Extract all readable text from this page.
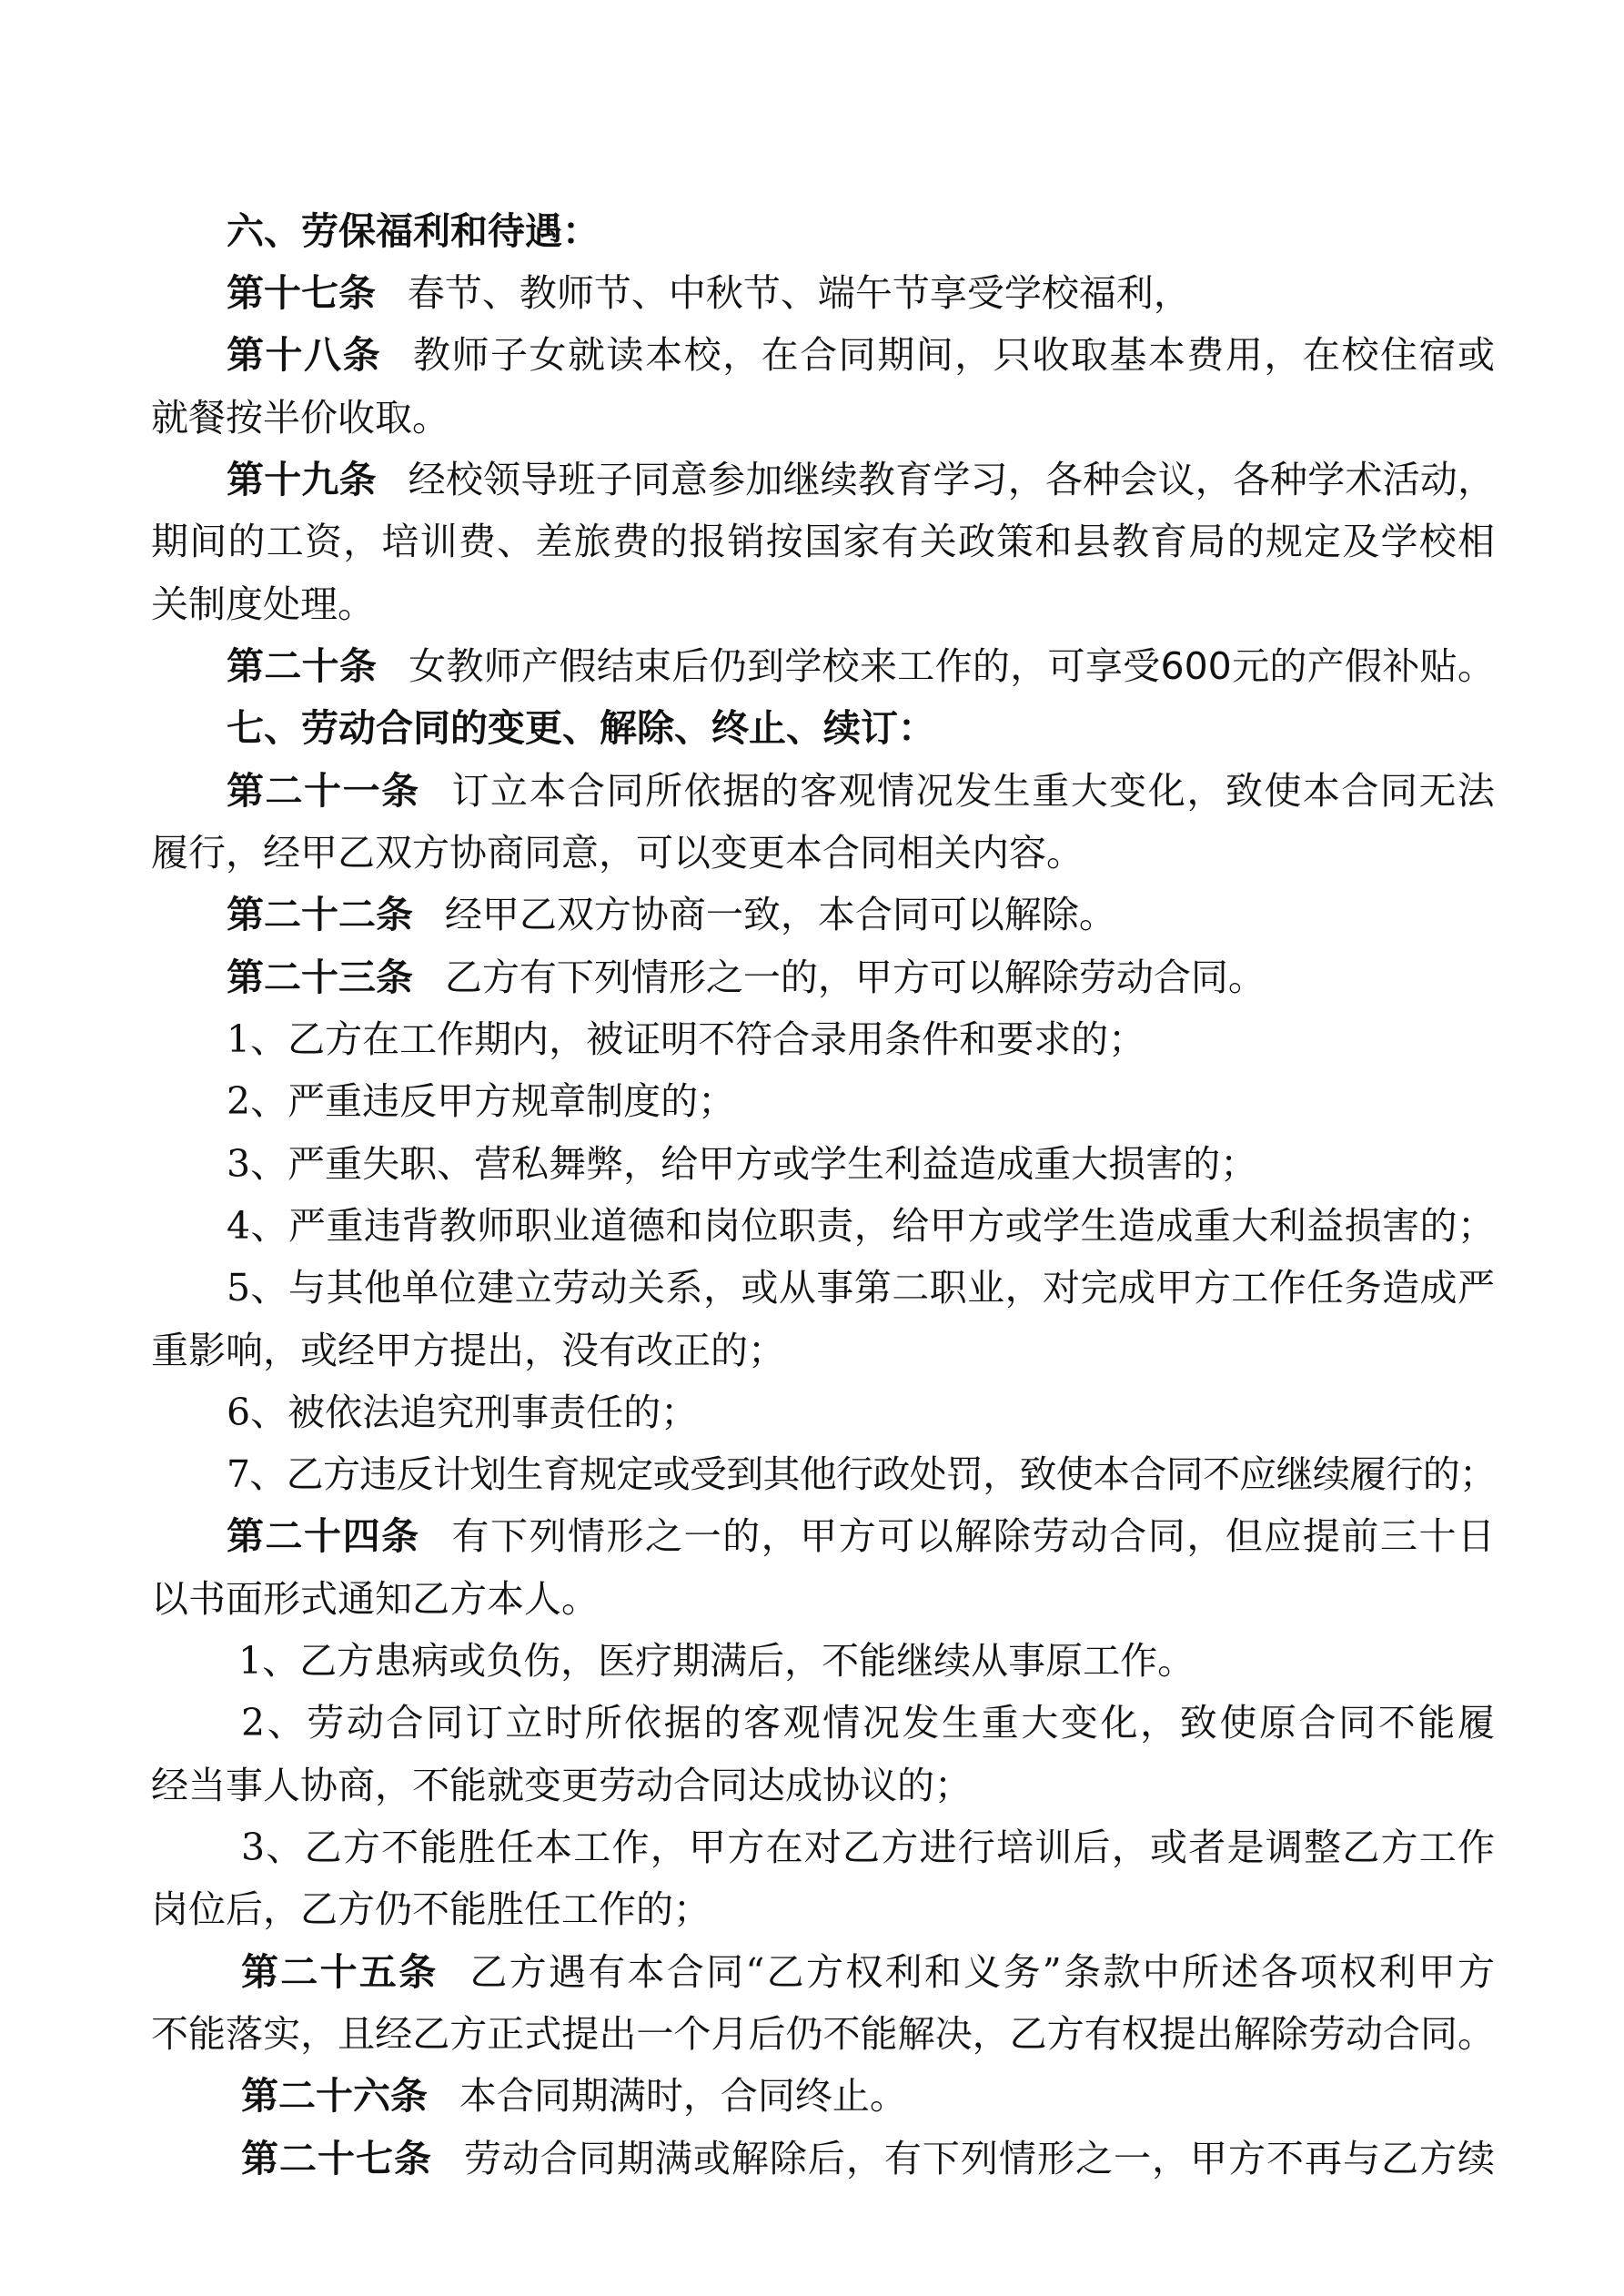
六、劳保福利和待遇：
第十七条 春节、教师节、中秋节、端午节享受学校福利，
第十八条 教师子女就读本校，在合同期间，只收取基本费用，在校住宿或
就餐按半价收取。
第十九条 经校领导班子同意参加继续教育学习，各种会议，各种学术活动，
期间的工资，培训费、差旅费的报销按国家有关政策和县教育局的规定及学校相
关制度处理。
第二十条 女教师产假结束后仍到学校来工作的，可享受600元的产假补贴。
七、劳动合同的变更、解除、终止、续订：
第二十一条 订立本合同所依据的客观情况发生重大变化，致使本合同无法
履行，经甲乙双方协商同意，可以变更本合同相关内容。
第二十二条 经甲乙双方协商一致，本合同可以解除。
第二十三条 乙方有下列情形之一的，甲方可以解除劳动合同。
1、乙方在工作期内，被证明不符合录用条件和要求的；
2、严重违反甲方规章制度的；
3、严重失职、营私舞弊，给甲方或学生利益造成重大损害的；
4、严重违背教师职业道德和岗位职责，给甲方或学生造成重大利益损害的；
5、与其他单位建立劳动关系，或从事第二职业，对完成甲方工作任务造成严
重影响，或经甲方提出，没有改正的；
6、被依法追究刑事责任的；
7、乙方违反计划生育规定或受到其他行政处罚，致使本合同不应继续履行的；
第二十四条 有下列情形之一的，甲方可以解除劳动合同，但应提前三十日
以书面形式通知乙方本人。
1、乙方患病或负伤，医疗期满后，不能继续从事原工作。
2、劳动合同订立时所依据的客观情况发生重大变化，致使原合同不能履
经当事人协商，不能就变更劳动合同达成协议的；
3、乙方不能胜任本工作，甲方在对乙方进行培训后，或者是调整乙方工作
岗位后，乙方仍不能胜任工作的；
第二十五条 乙方遇有本合同“乙方权利和义务”条款中所述各项权利甲方
不能落实，且经乙方正式提出一个月后仍不能解决，乙方有权提出解除劳动合同。
第二十六条 本合同期满时，合同终止。
第二十七条 劳动合同期满或解除后，有下列情形之一，甲方不再与乙方续
